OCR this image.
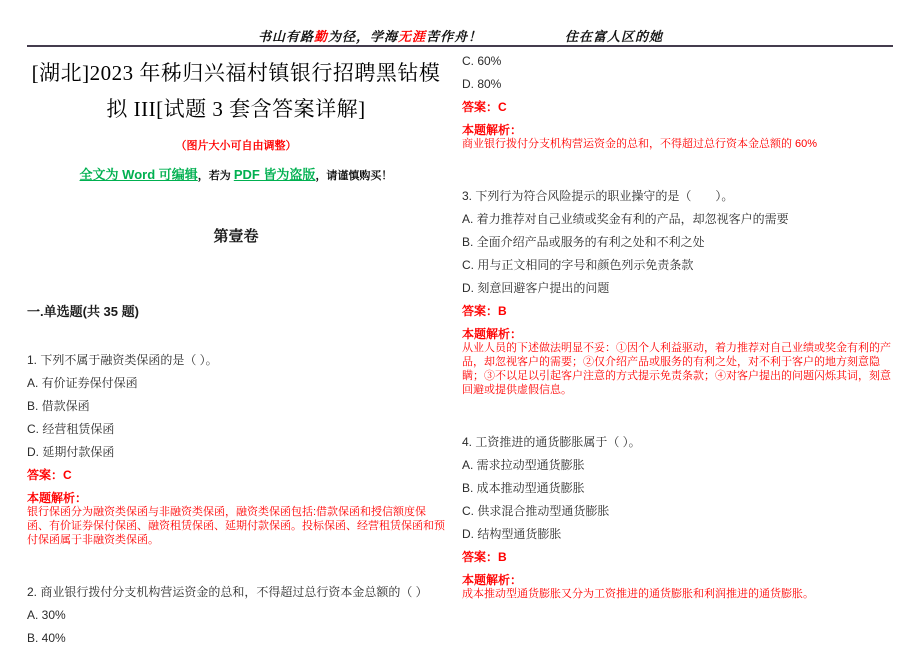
书山有路勤为径，学海无涯苦作舟！	住在富人区的她
[湖北]2023 年秭归兴福村镇银行招聘黑钻模拟 III[试题 3 套含答案详解]

（图片大小可自由调整）

全文为 Word 可编辑，若为 PDF 皆为盗版，请谨慎购买！

第壹卷
一.单选题(共 35 题)

1. 下列不属于融资类保函的是（ ）。

A. 有价证券保付保函

B. 借款保函

C. 经营租赁保函

D. 延期付款保函

答案：C

本题解析：

银行保函分为融资类保函与非融资类保函，融资类保函包括:借款保函和授信额度保函、有价证券保付保函、融资租赁保函、延期付款保函。投标保函、经营租赁保函和预付保函属于非融资类保函。

2. 商业银行拨付分支机构营运资金的总和，不得超过总行资本金总额的（ ）

A. 30%

B. 40%

C. 60%

D. 80%

答案：C

本题解析：

商业银行拨付分支机构营运资金的总和，不得超过总行资本金总额的 60%

3. 下列行为符合风险提示的职业操守的是（　　）。

A. 着力推荐对自己业绩或奖金有利的产品，却忽视客户的需要

B. 全面介绍产品或服务的有利之处和不利之处

C. 用与正文相同的字号和颜色列示免责条款

D. 刻意回避客户提出的问题

答案：B

本题解析：

从业人员的下述做法明显不妥：①因个人利益驱动，着力推荐对自己业绩或奖金有利的产品，却忽视客户的需要；②仅介绍产品或服务的有利之处，对不利于客户的地方刻意隐瞒；③不以足以引起客户注意的方式提示免责条款；④对客户提出的问题闪烁其词，刻意回避或提供虚假信息。

4. 工资推进的通货膨胀属于（ ）。

A. 需求拉动型通货膨胀

B. 成本推动型通货膨胀

C. 供求混合推动型通货膨胀

D. 结构型通货膨胀

答案：B

本题解析：

成本推动型通货膨胀又分为工资推进的通货膨胀和利润推进的通货膨胀。
